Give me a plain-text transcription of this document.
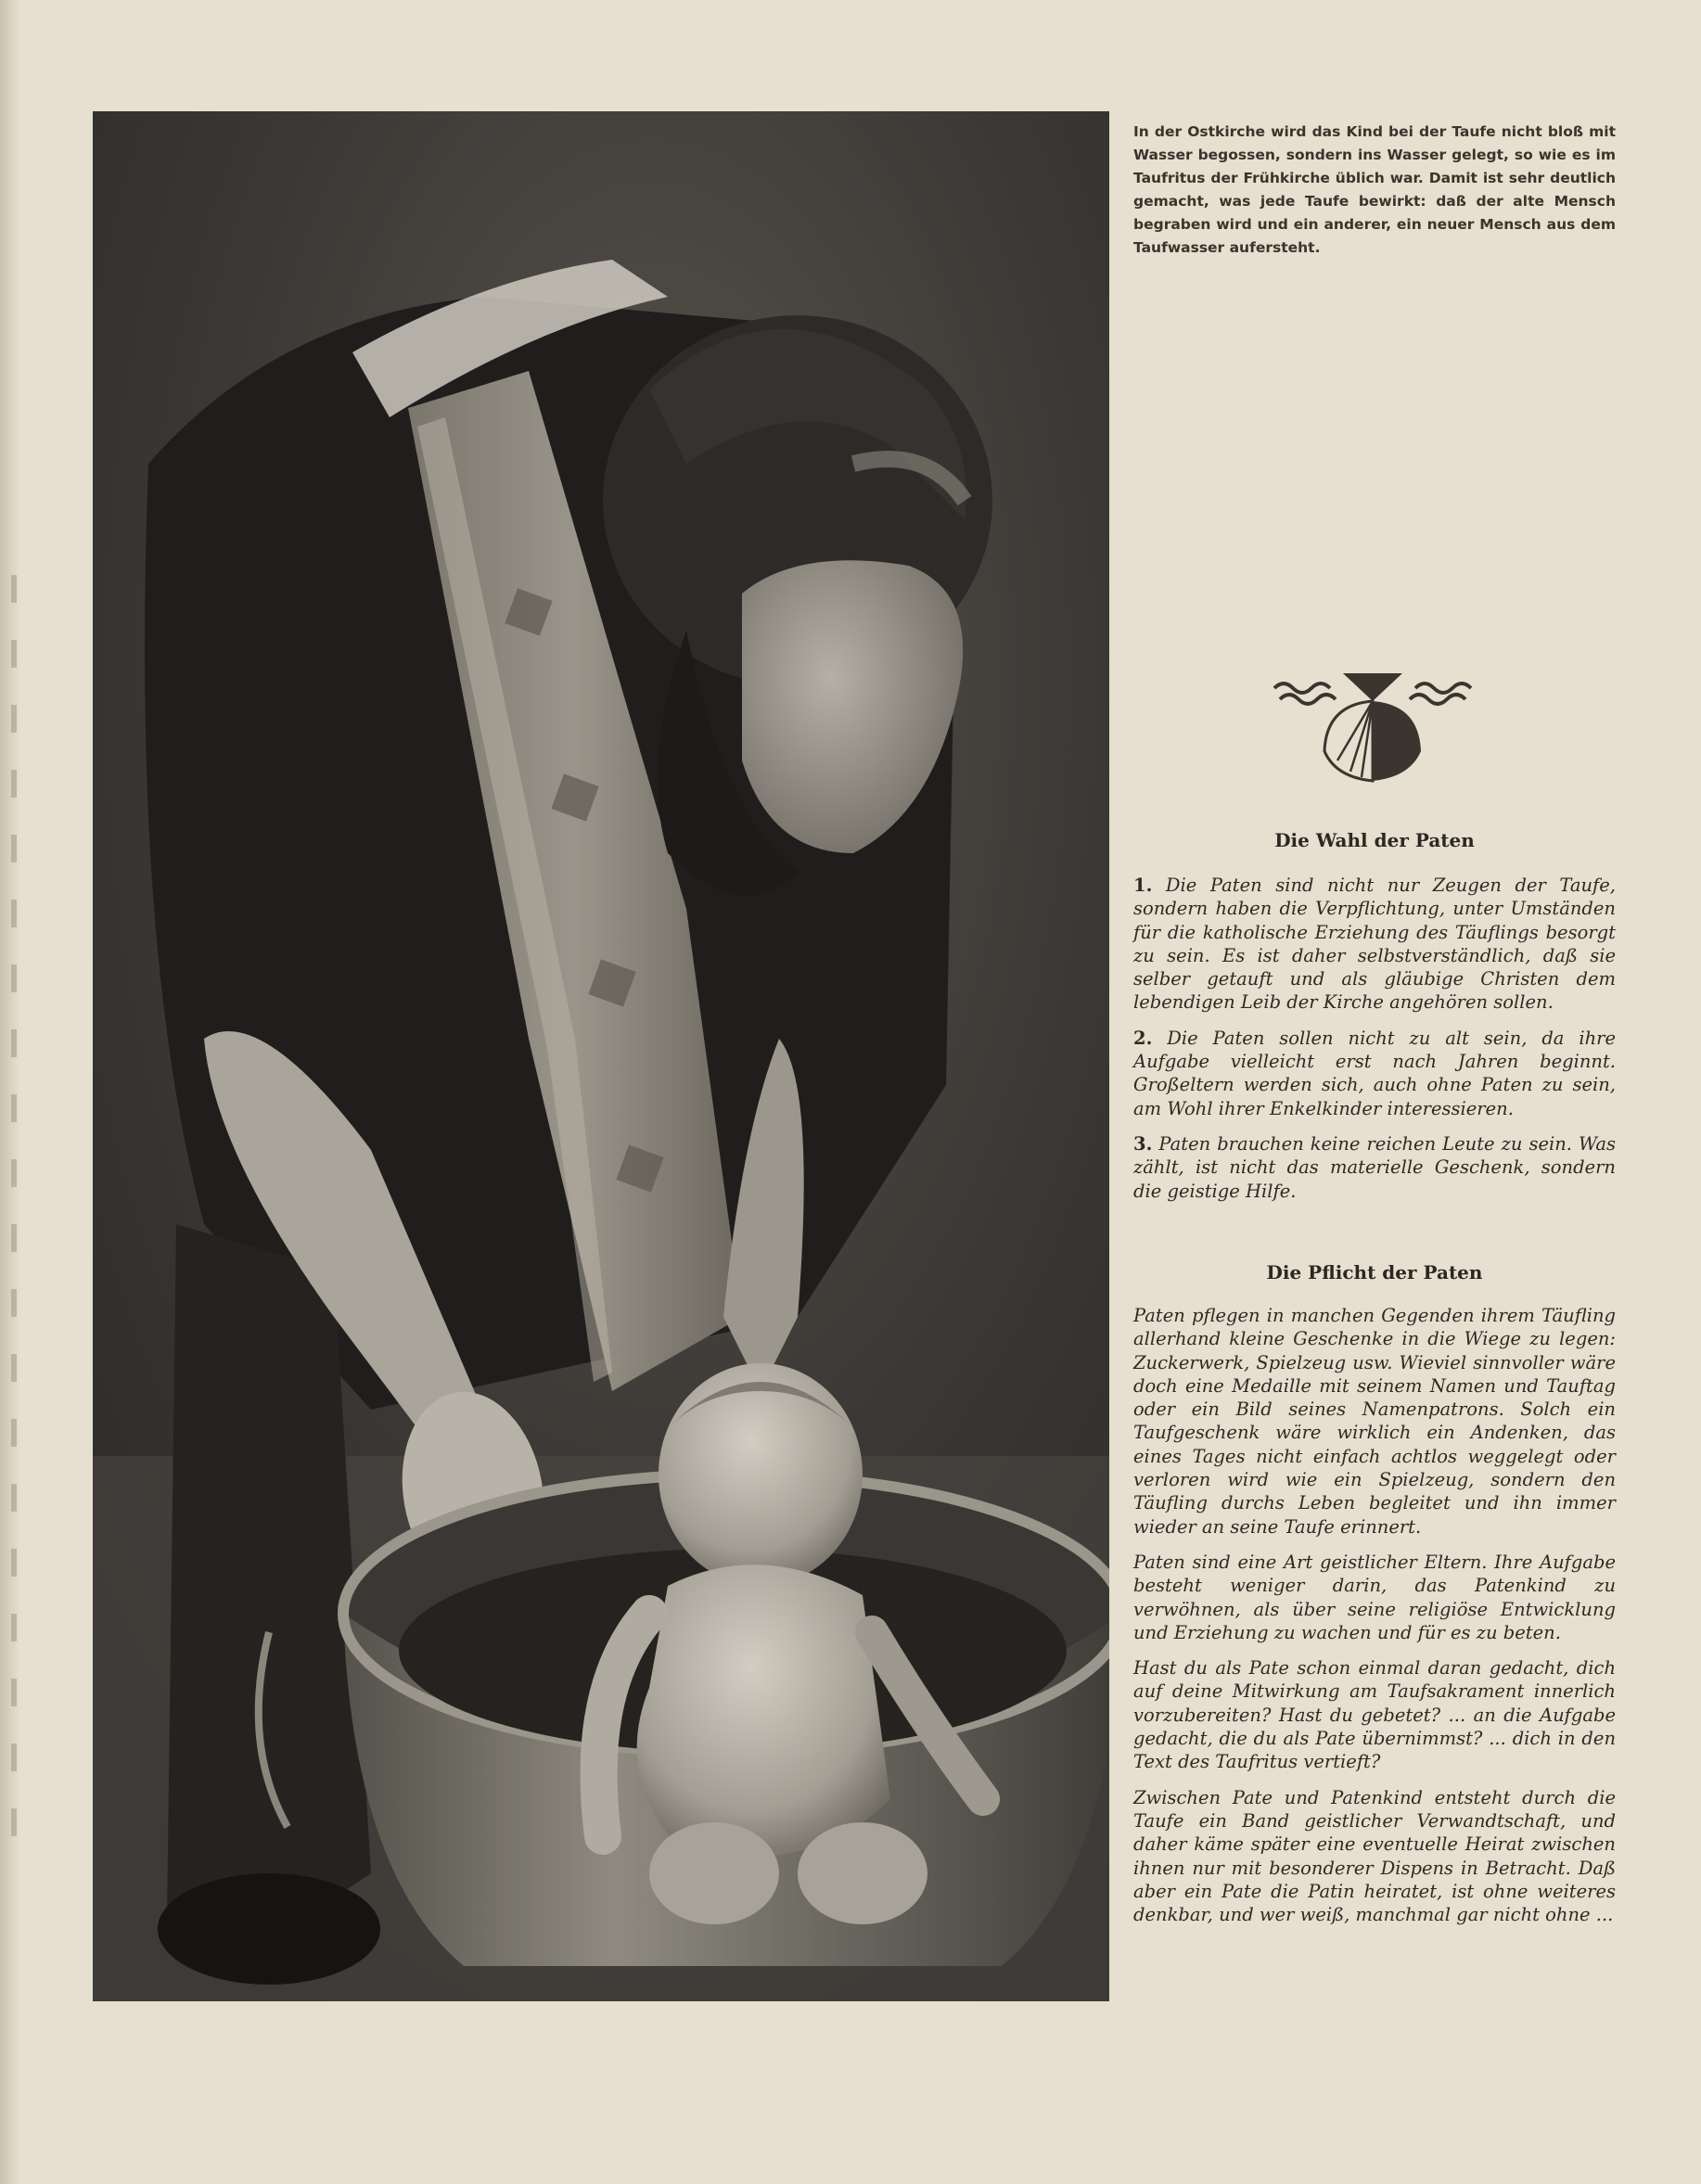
In der Ostkirche wird das Kind bei der Taufe nicht bloß mit Wasser begossen, sondern ins Wasser gelegt, so wie es im Taufritus der Frühkirche üblich war. Damit ist sehr deutlich gemacht, was jede Taufe bewirkt: daß der alte Mensch begraben wird und ein anderer, ein neuer Mensch aus dem Taufwasser aufersteht.
Die Wahl der Paten

1. Die Paten sind nicht nur Zeugen der Taufe, sondern haben die Verpflichtung, unter Umständen für die katholische Erziehung des Täuflings besorgt zu sein. Es ist daher selbstverständlich, daß sie selber getauft und als gläubige Christen dem lebendigen Leib der Kirche angehören sollen.

2. Die Paten sollen nicht zu alt sein, da ihre Aufgabe vielleicht erst nach Jahren beginnt. Großeltern werden sich, auch ohne Paten zu sein, am Wohl ihrer Enkelkinder interessieren.

3. Paten brauchen keine reichen Leute zu sein. Was zählt, ist nicht das materielle Geschenk, sondern die geistige Hilfe.

Die Pflicht der Paten

Paten pflegen in manchen Gegenden ihrem Täufling allerhand kleine Geschenke in die Wiege zu legen: Zuckerwerk, Spielzeug usw. Wieviel sinnvoller wäre doch eine Medaille mit seinem Namen und Tauftag oder ein Bild seines Namenpatrons. Solch ein Taufgeschenk wäre wirklich ein Andenken, das eines Tages nicht einfach achtlos weggelegt oder verloren wird wie ein Spielzeug, sondern den Täufling durchs Leben begleitet und ihn immer wieder an seine Taufe erinnert.

Paten sind eine Art geistlicher Eltern. Ihre Aufgabe besteht weniger darin, das Patenkind zu verwöhnen, als über seine religiöse Entwicklung und Erziehung zu wachen und für es zu beten.

Hast du als Pate schon einmal daran gedacht, dich auf deine Mitwirkung am Taufsakrament innerlich vorzubereiten? Hast du gebetet? ... an die Aufgabe gedacht, die du als Pate übernimmst? ... dich in den Text des Taufritus vertieft?

Zwischen Pate und Patenkind entsteht durch die Taufe ein Band geistlicher Verwandtschaft, und daher käme später eine eventuelle Heirat zwischen ihnen nur mit besonderer Dispens in Betracht. Daß aber ein Pate die Patin heiratet, ist ohne weiteres denkbar, und wer weiß, manchmal gar nicht ohne ...
